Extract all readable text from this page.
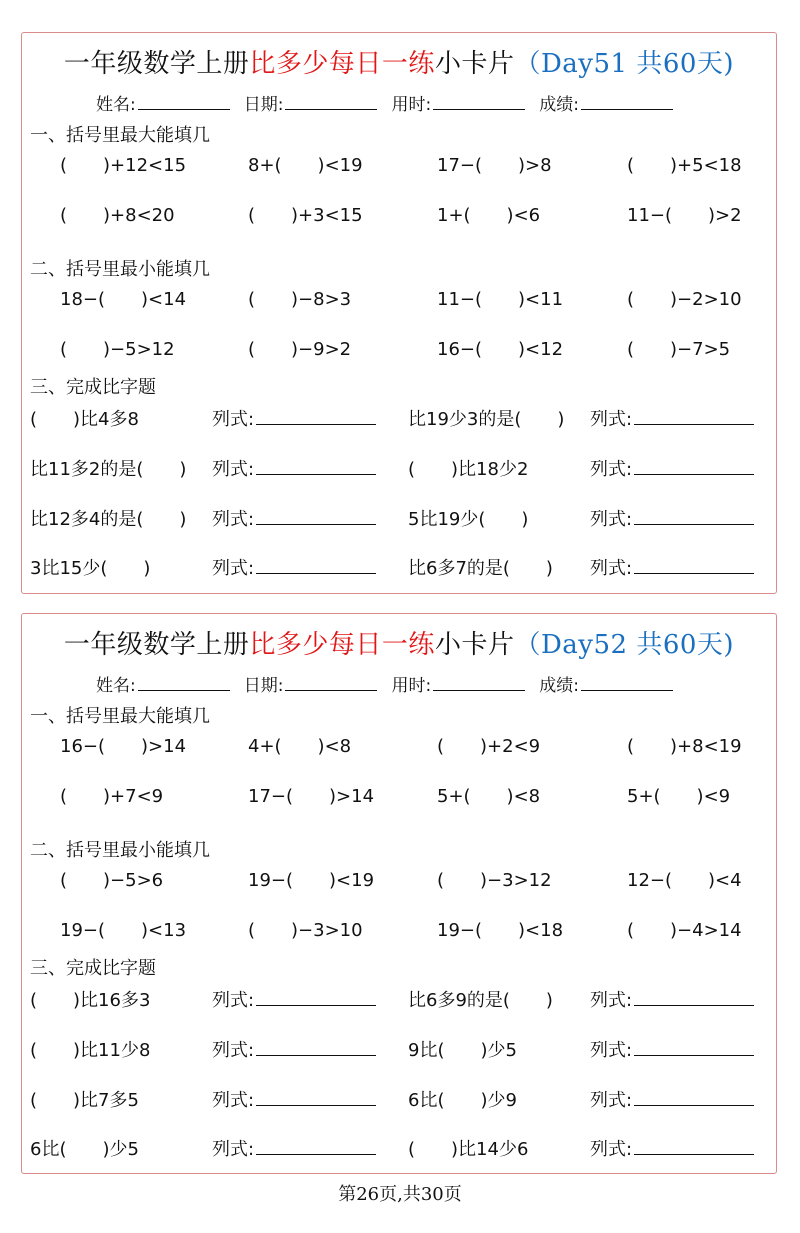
一年级数学上册比多少每日一练小卡片（Day51 共60天)
姓名:	日期:	用时:	成绩:
一、括号里最大能填几
(　　)+12<15	8+(　　)<19	17−(　　)>8	(　　)+5<18
(　　)+8<20	(　　)+3<15	1+(　　)<6	11−(　　)>2
二、括号里最小能填几
18−(　　)<14	(　　)−8>3	11−(　　)<11	(　　)−2>10
(　　)−5>12	(　　)−9>2	16−(　　)<12	(　　)−7>5
三、完成比字题
(　　)比4多8	列式:	比19少3的是(　　) 列式:
比11多2的是(　　) 列式:	(　　)比18少2	列式:
比12多4的是(　　) 列式:	5比19少(　　)	列式:
3比15少(　　)	列式:	比6多7的是(　　) 列式:
一年级数学上册比多少每日一练小卡片（Day52 共60天)
姓名:	日期:	用时:	成绩:
一、括号里最大能填几
16−(　　)>14	4+(　　)<8	(　　)+2<9	(　　)+8<19
(　　)+7<9	17−(　　)>14	5+(　　)<8	5+(　　)<9
二、括号里最小能填几
(　　)−5>6	19−(　　)<19	(　　)−3>12	12−(　　)<4
19−(　　)<13	(　　)−3>10	19−(　　)<18	(　　)−4>14
三、完成比字题
(　　)比16多3	列式:	比6多9的是(　　) 列式:
(　　)比11少8	列式:	9比(　　)少5	列式:
(　　)比7多5	列式:	6比(　　)少9	列式:
6比(　　)少5	列式:	(　　)比14少6	列式:
第26页,共30页
